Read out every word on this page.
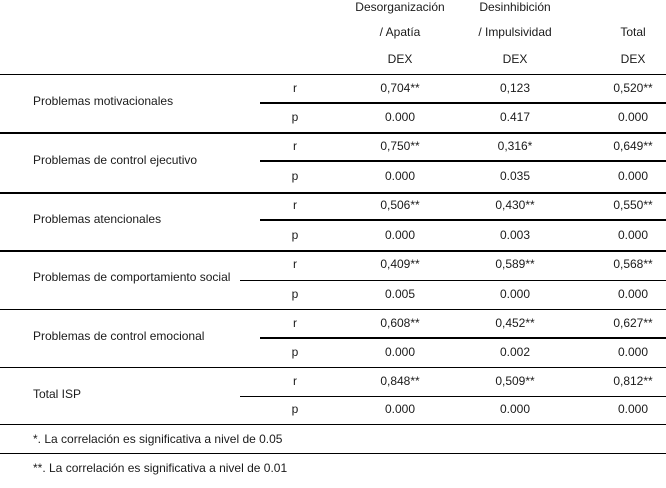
Desorganización
/ Apatía
DEX
Desinhibición
/ Impulsividad
DEX
Total
DEX
Problemas motivacionales
r	0,704**	0,123	0,520**
p	0.000	0.417	0.000
Problemas de control ejecutivo
r	0,750**	0,316*	0,649**
p	0.000	0.035	0.000
Problemas atencionales
r	0,506**	0,430**	0,550**
p	0.000	0.003	0.000
Problemas de comportamiento social
r	0,409**	0,589**	0,568**
p	0.005	0.000	0.000
Problemas de control emocional
r	0,608**	0,452**	0,627**
p	0.000	0.002	0.000
Total ISP
r	0,848**	0,509**	0,812**
p	0.000	0.000	0.000
*. La correlación es significativa a nivel de 0.05
**. La correlación es significativa a nivel de 0.01
